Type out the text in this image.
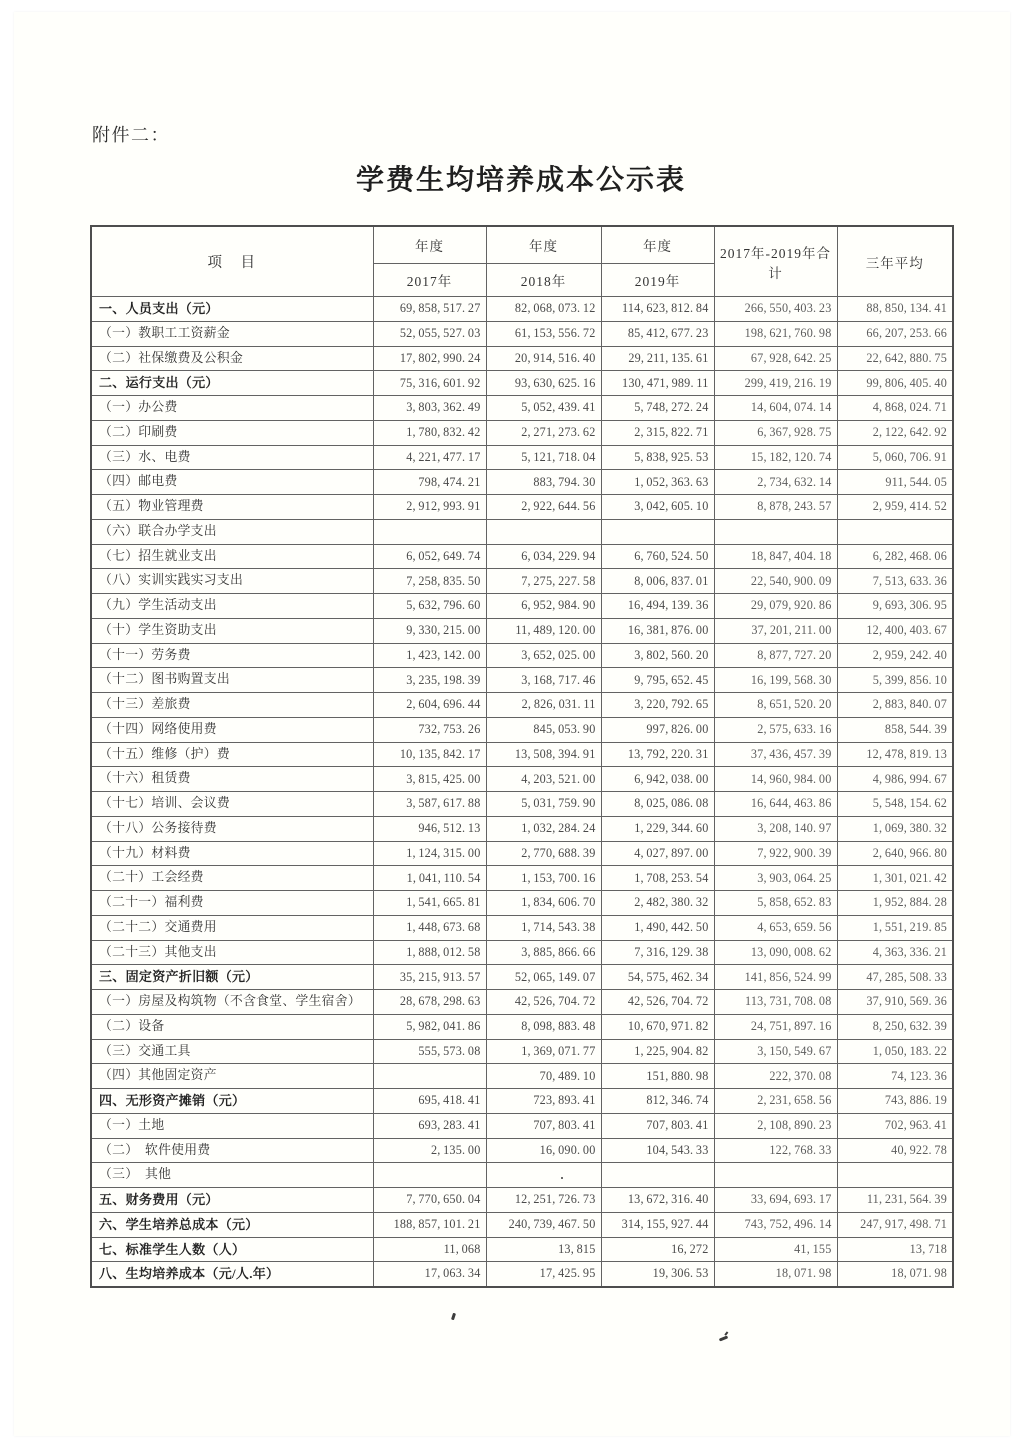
附件二：
学费生均培养成本公示表
项　目	年度	年度	年度	2017年-2019年合计	三年平均
	2017年	2018年	2019年		
一、人员支出（元）	69, 858, 517. 27	82, 068, 073. 12	114, 623, 812. 84	266, 550, 403. 23	88, 850, 134. 41
（一）教职工工资薪金	52, 055, 527. 03	61, 153, 556. 72	85, 412, 677. 23	198, 621, 760. 98	66, 207, 253. 66
（二）社保缴费及公积金	17, 802, 990. 24	20, 914, 516. 40	29, 211, 135. 61	67, 928, 642. 25	22, 642, 880. 75
二、运行支出（元）	75, 316, 601. 92	93, 630, 625. 16	130, 471, 989. 11	299, 419, 216. 19	99, 806, 405. 40
（一）办公费	3, 803, 362. 49	5, 052, 439. 41	5, 748, 272. 24	14, 604, 074. 14	4, 868, 024. 71
（二）印刷费	1, 780, 832. 42	2, 271, 273. 62	2, 315, 822. 71	6, 367, 928. 75	2, 122, 642. 92
（三）水、电费	4, 221, 477. 17	5, 121, 718. 04	5, 838, 925. 53	15, 182, 120. 74	5, 060, 706. 91
（四）邮电费	798, 474. 21	883, 794. 30	1, 052, 363. 63	2, 734, 632. 14	911, 544. 05
（五）物业管理费	2, 912, 993. 91	2, 922, 644. 56	3, 042, 605. 10	8, 878, 243. 57	2, 959, 414. 52
（六）联合办学支出					
（七）招生就业支出	6, 052, 649. 74	6, 034, 229. 94	6, 760, 524. 50	18, 847, 404. 18	6, 282, 468. 06
（八）实训实践实习支出	7, 258, 835. 50	7, 275, 227. 58	8, 006, 837. 01	22, 540, 900. 09	7, 513, 633. 36
（九）学生活动支出	5, 632, 796. 60	6, 952, 984. 90	16, 494, 139. 36	29, 079, 920. 86	9, 693, 306. 95
（十）学生资助支出	9, 330, 215. 00	11, 489, 120. 00	16, 381, 876. 00	37, 201, 211. 00	12, 400, 403. 67
（十一）劳务费	1, 423, 142. 00	3, 652, 025. 00	3, 802, 560. 20	8, 877, 727. 20	2, 959, 242. 40
（十二）图书购置支出	3, 235, 198. 39	3, 168, 717. 46	9, 795, 652. 45	16, 199, 568. 30	5, 399, 856. 10
（十三）差旅费	2, 604, 696. 44	2, 826, 031. 11	3, 220, 792. 65	8, 651, 520. 20	2, 883, 840. 07
（十四）网络使用费	732, 753. 26	845, 053. 90	997, 826. 00	2, 575, 633. 16	858, 544. 39
（十五）维修（护）费	10, 135, 842. 17	13, 508, 394. 91	13, 792, 220. 31	37, 436, 457. 39	12, 478, 819. 13
（十六）租赁费	3, 815, 425. 00	4, 203, 521. 00	6, 942, 038. 00	14, 960, 984. 00	4, 986, 994. 67
（十七）培训、会议费	3, 587, 617. 88	5, 031, 759. 90	8, 025, 086. 08	16, 644, 463. 86	5, 548, 154. 62
（十八）公务接待费	946, 512. 13	1, 032, 284. 24	1, 229, 344. 60	3, 208, 140. 97	1, 069, 380. 32
（十九）材料费	1, 124, 315. 00	2, 770, 688. 39	4, 027, 897. 00	7, 922, 900. 39	2, 640, 966. 80
（二十）工会经费	1, 041, 110. 54	1, 153, 700. 16	1, 708, 253. 54	3, 903, 064. 25	1, 301, 021. 42
（二十一）福利费	1, 541, 665. 81	1, 834, 606. 70	2, 482, 380. 32	5, 858, 652. 83	1, 952, 884. 28
（二十二）交通费用	1, 448, 673. 68	1, 714, 543. 38	1, 490, 442. 50	4, 653, 659. 56	1, 551, 219. 85
（二十三）其他支出	1, 888, 012. 58	3, 885, 866. 66	7, 316, 129. 38	13, 090, 008. 62	4, 363, 336. 21
三、固定资产折旧额（元）	35, 215, 913. 57	52, 065, 149. 07	54, 575, 462. 34	141, 856, 524. 99	47, 285, 508. 33
（一）房屋及构筑物（不含食堂、学生宿舍）	28, 678, 298. 63	42, 526, 704. 72	42, 526, 704. 72	113, 731, 708. 08	37, 910, 569. 36
（二）设备	5, 982, 041. 86	8, 098, 883. 48	10, 670, 971. 82	24, 751, 897. 16	8, 250, 632. 39
（三）交通工具	555, 573. 08	1, 369, 071. 77	1, 225, 904. 82	3, 150, 549. 67	1, 050, 183. 22
（四）其他固定资产		70, 489. 10	151, 880. 98	222, 370. 08	74, 123. 36
四、无形资产摊销（元）	695, 418. 41	723, 893. 41	812, 346. 74	2, 231, 658. 56	743, 886. 19
（一）土地	693, 283. 41	707, 803. 41	707, 803. 41	2, 108, 890. 23	702, 963. 41
（二）　软件使用费	2, 135. 00	16, 090. 00	104, 543. 33	122, 768. 33	40, 922. 78
（三）　其他					
五、财务费用（元）	7, 770, 650. 04	12, 251, 726. 73	13, 672, 316. 40	33, 694, 693. 17	11, 231, 564. 39
六、学生培养总成本（元）	188, 857, 101. 21	240, 739, 467. 50	314, 155, 927. 44	743, 752, 496. 14	247, 917, 498. 71
七、标准学生人数（人）	11, 068	13, 815	16, 272	41, 155	13, 718
八、生均培养成本（元/人.年）	17, 063. 34	17, 425. 95	19, 306. 53	18, 071. 98	18, 071. 98
